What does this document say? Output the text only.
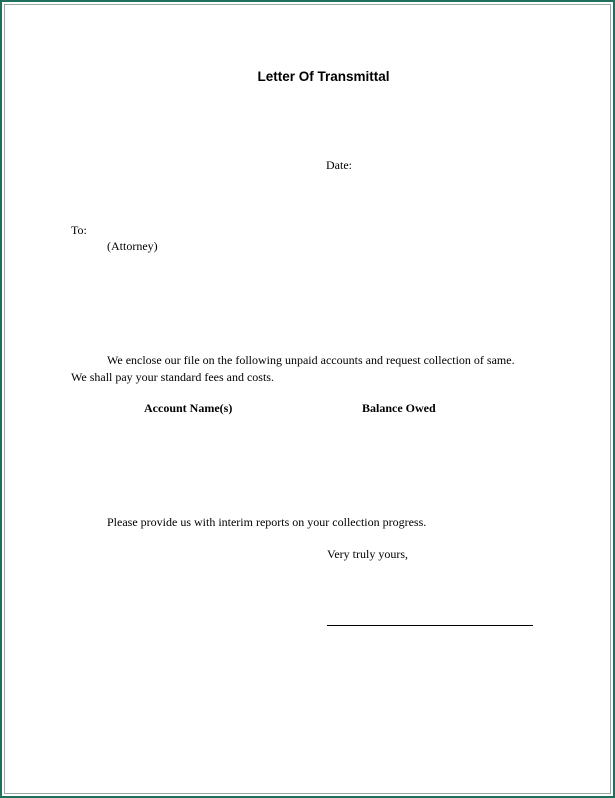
Letter Of Transmittal
Date:
To:
(Attorney)
We enclose our file on the following unpaid accounts and request collection of same.
We shall pay your standard fees and costs.
Account Name(s)	Balance Owed
Please provide us with interim reports on your collection progress.
Very truly yours,
